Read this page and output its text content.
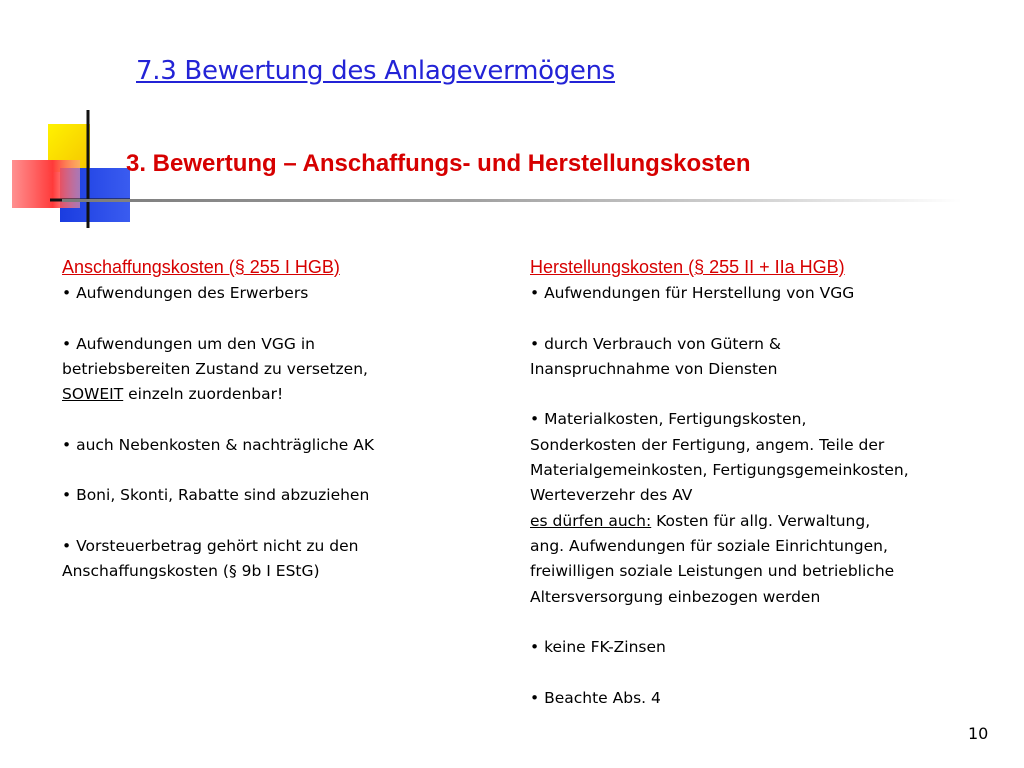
7.3 Bewertung des Anlagevermögens
3. Bewertung – Anschaffungs- und Herstellungskosten
Anschaffungskosten (§ 255 I HGB)
• Aufwendungen des Erwerbers
• Aufwendungen um den VGG in
betriebsbereiten Zustand zu versetzen,
SOWEIT einzeln zuordenbar!
• auch Nebenkosten & nachträgliche AK
• Boni, Skonti, Rabatte sind abzuziehen
• Vorsteuerbetrag gehört nicht zu den
Anschaffungskosten (§ 9b I EStG)
Herstellungskosten (§ 255 II + IIa HGB)
• Aufwendungen für Herstellung von VGG
• durch Verbrauch von Gütern &
Inanspruchnahme von Diensten
• Materialkosten, Fertigungskosten,
Sonderkosten der Fertigung, angem. Teile der
Materialgemeinkosten, Fertigungsgemeinkosten,
Werteverzehr des AV
es dürfen auch: Kosten für allg. Verwaltung,
ang. Aufwendungen für soziale Einrichtungen,
freiwilligen soziale Leistungen und betriebliche
Altersversorgung einbezogen werden
• keine FK-Zinsen
• Beachte Abs. 4
10
